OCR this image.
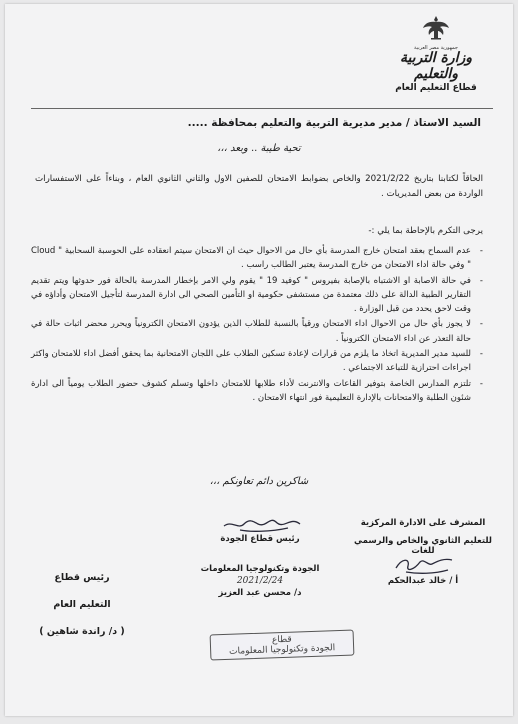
جمهورية مصر العربية
وزارة التربية والتعليم
قطاع التعليم العام
السيد الاستاذ / مدير مديرية التربية والتعليم بمحافظة .....
تحية طيبة .. وبعد ،،،

الحاقاً لكتابنا بتاريخ 2021/2/22 والخاص بضوابط الامتحان للصفين الاول والثاني الثانوي العام ، وبناءاً على الاستفسارات الواردة من بعض المديريات .

يرجى التكرم بالإحاطة بما يلي :-
- عدم السماح بعقد امتحان خارج المدرسة بأي حال من الاحوال حيث ان الامتحان سيتم انعقاده على الحوسبة السحابية " Cloud " وفي حالة اداء الامتحان من خارج المدرسة يعتبر الطالب راسب .
- في حالة الاصابة او الاشتباه بالإصابة بفيروس " كوفيد 19 " يقوم ولي الامر بإخطار المدرسة بالحالة فور حدوثها ويتم تقديم التقارير الطبية الدالة على ذلك معتمدة من مستشفى حكومية او التأمين الصحي الى ادارة المدرسة لتأجيل الامتحان وأداؤه في وقت لاحق يحدد من قبل الوزارة .
- لا يجوز بأي حال من الاحوال اداء الامتحان ورقياً بالنسبة للطلاب الذين يؤدون الامتحان الكترونياً ويحرر محضر اثبات حالة في حالة التعذر عن اداء الامتحان الكترونياً .
- للسيد مدير المديرية اتخاذ ما يلزم من قرارات لإعادة تسكين الطلاب على اللجان الامتحانية بما يحقق أفضل اداء للامتحان واكثر اجراءات احترازية للتباعد الاجتماعي .
- تلتزم المدارس الخاصة بتوفير القاعات والانترنت لأداء طلابها للامتحان داخلها وتسلم كشوف حضور الطلاب يومياً الى ادارة شئون الطلبة والامتحانات بالإدارة التعليمية فور انتهاء الامتحان .
شاكرين دائم تعاونكم ،،،
المشرف على الادارة المركزية
للتعليم الثانوي والخاص والرسمي للغات
أ / خالد عبدالحكم
رئيس قطاع الجودة
الجودة وتكنولوجيا المعلومات
2021/2/24
د/ محسن عبد العزيز
قطاع
الجودة وتكنولوجيا المعلومات
رئيس قطاع
التعليم العام
( د/ راندة شاهين )
